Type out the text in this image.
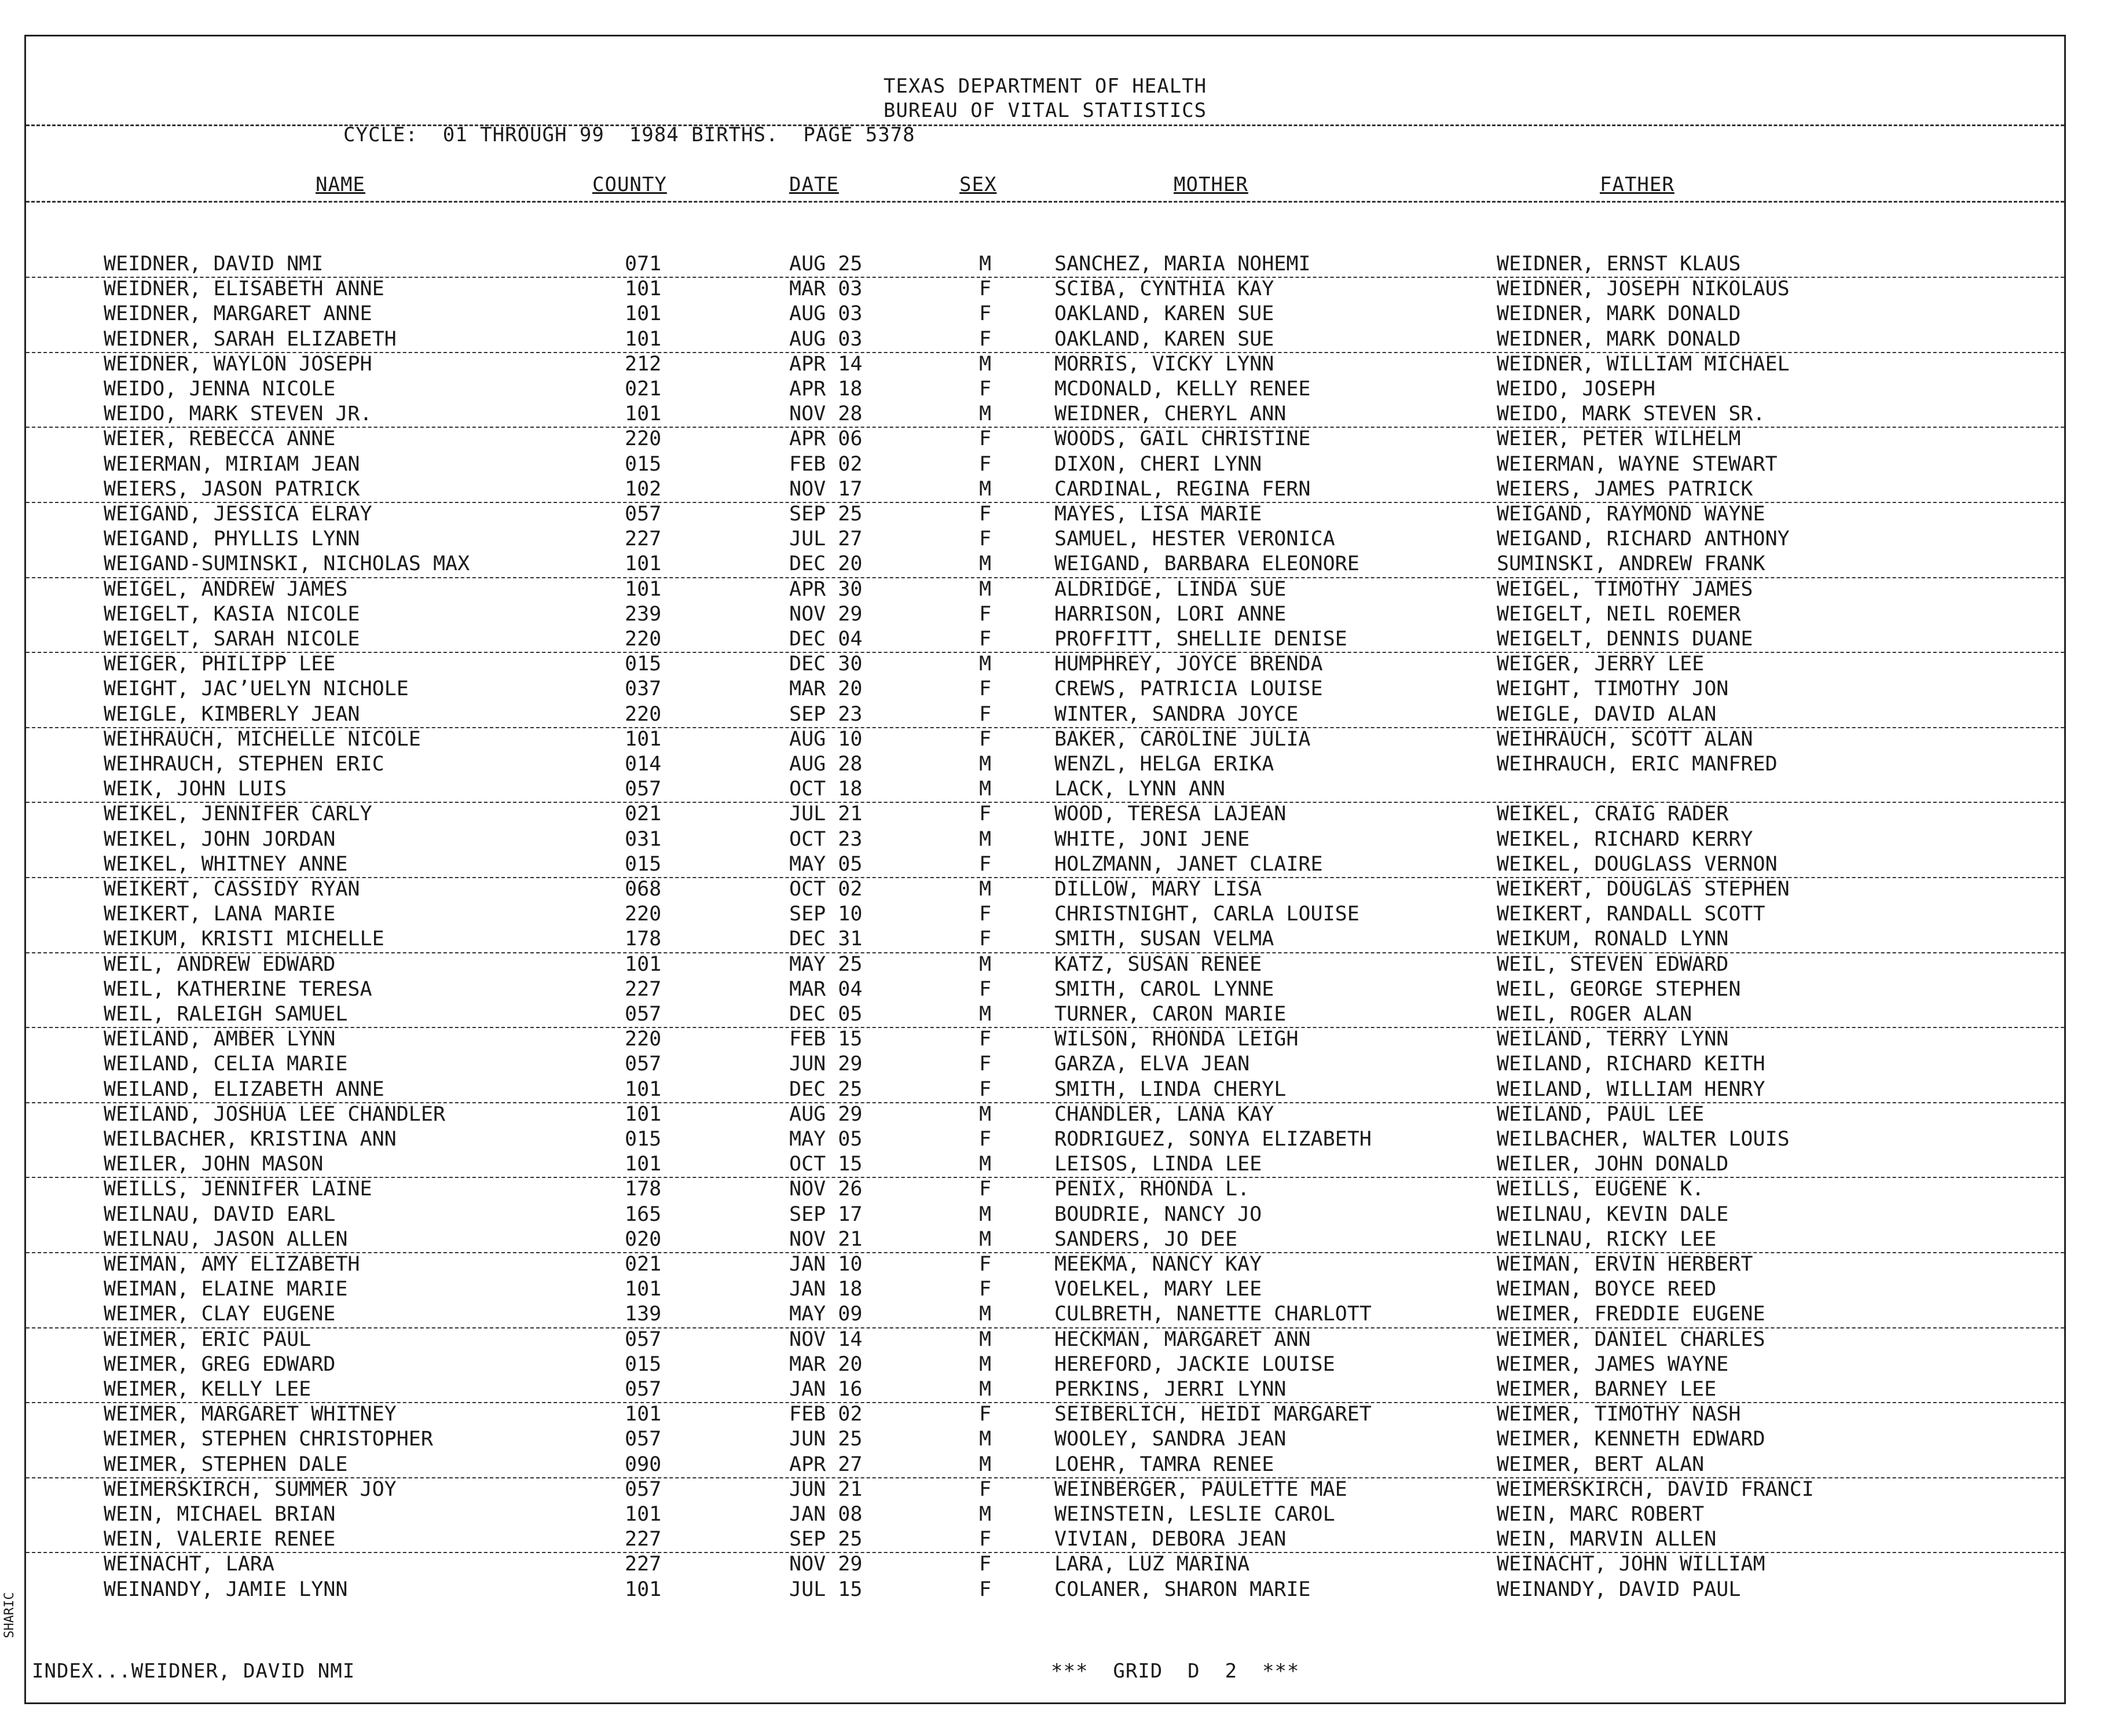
TEXAS DEPARTMENT OF HEALTH
BUREAU OF VITAL STATISTICS
CYCLE:  01 THROUGH 99  1984 BIRTHS.  PAGE 5378
NAME	COUNTY	DATE	SEX	MOTHER	FATHER
WEIDNER, DAVID NMI	071	AUG 25	M	SANCHEZ, MARIA NOHEMI	WEIDNER, ERNST KLAUS
WEIDNER, ELISABETH ANNE	101	MAR 03	F	SCIBA, CYNTHIA KAY	WEIDNER, JOSEPH NIKOLAUS
WEIDNER, MARGARET ANNE	101	AUG 03	F	OAKLAND, KAREN SUE	WEIDNER, MARK DONALD
WEIDNER, SARAH ELIZABETH	101	AUG 03	F	OAKLAND, KAREN SUE	WEIDNER, MARK DONALD
WEIDNER, WAYLON JOSEPH	212	APR 14	M	MORRIS, VICKY LYNN	WEIDNER, WILLIAM MICHAEL
WEIDO, JENNA NICOLE	021	APR 18	F	MCDONALD, KELLY RENEE	WEIDO, JOSEPH
WEIDO, MARK STEVEN JR.	101	NOV 28	M	WEIDNER, CHERYL ANN	WEIDO, MARK STEVEN SR.
WEIER, REBECCA ANNE	220	APR 06	F	WOODS, GAIL CHRISTINE	WEIER, PETER WILHELM
WEIERMAN, MIRIAM JEAN	015	FEB 02	F	DIXON, CHERI LYNN	WEIERMAN, WAYNE STEWART
WEIERS, JASON PATRICK	102	NOV 17	M	CARDINAL, REGINA FERN	WEIERS, JAMES PATRICK
WEIGAND, JESSICA ELRAY	057	SEP 25	F	MAYES, LISA MARIE	WEIGAND, RAYMOND WAYNE
WEIGAND, PHYLLIS LYNN	227	JUL 27	F	SAMUEL, HESTER VERONICA	WEIGAND, RICHARD ANTHONY
WEIGAND-SUMINSKI, NICHOLAS MAX	101	DEC 20	M	WEIGAND, BARBARA ELEONORE	SUMINSKI, ANDREW FRANK
WEIGEL, ANDREW JAMES	101	APR 30	M	ALDRIDGE, LINDA SUE	WEIGEL, TIMOTHY JAMES
WEIGELT, KASIA NICOLE	239	NOV 29	F	HARRISON, LORI ANNE	WEIGELT, NEIL ROEMER
WEIGELT, SARAH NICOLE	220	DEC 04	F	PROFFITT, SHELLIE DENISE	WEIGELT, DENNIS DUANE
WEIGER, PHILIPP LEE	015	DEC 30	M	HUMPHREY, JOYCE BRENDA	WEIGER, JERRY LEE
WEIGHT, JAC’UELYN NICHOLE	037	MAR 20	F	CREWS, PATRICIA LOUISE	WEIGHT, TIMOTHY JON
WEIGLE, KIMBERLY JEAN	220	SEP 23	F	WINTER, SANDRA JOYCE	WEIGLE, DAVID ALAN
WEIHRAUCH, MICHELLE NICOLE	101	AUG 10	F	BAKER, CAROLINE JULIA	WEIHRAUCH, SCOTT ALAN
WEIHRAUCH, STEPHEN ERIC	014	AUG 28	M	WENZL, HELGA ERIKA	WEIHRAUCH, ERIC MANFRED
WEIK, JOHN LUIS	057	OCT 18	M	LACK, LYNN ANN
WEIKEL, JENNIFER CARLY	021	JUL 21	F	WOOD, TERESA LAJEAN	WEIKEL, CRAIG RADER
WEIKEL, JOHN JORDAN	031	OCT 23	M	WHITE, JONI JENE	WEIKEL, RICHARD KERRY
WEIKEL, WHITNEY ANNE	015	MAY 05	F	HOLZMANN, JANET CLAIRE	WEIKEL, DOUGLASS VERNON
WEIKERT, CASSIDY RYAN	068	OCT 02	M	DILLOW, MARY LISA	WEIKERT, DOUGLAS STEPHEN
WEIKERT, LANA MARIE	220	SEP 10	F	CHRISTNIGHT, CARLA LOUISE	WEIKERT, RANDALL SCOTT
WEIKUM, KRISTI MICHELLE	178	DEC 31	F	SMITH, SUSAN VELMA	WEIKUM, RONALD LYNN
WEIL, ANDREW EDWARD	101	MAY 25	M	KATZ, SUSAN RENEE	WEIL, STEVEN EDWARD
WEIL, KATHERINE TERESA	227	MAR 04	F	SMITH, CAROL LYNNE	WEIL, GEORGE STEPHEN
WEIL, RALEIGH SAMUEL	057	DEC 05	M	TURNER, CARON MARIE	WEIL, ROGER ALAN
WEILAND, AMBER LYNN	220	FEB 15	F	WILSON, RHONDA LEIGH	WEILAND, TERRY LYNN
WEILAND, CELIA MARIE	057	JUN 29	F	GARZA, ELVA JEAN	WEILAND, RICHARD KEITH
WEILAND, ELIZABETH ANNE	101	DEC 25	F	SMITH, LINDA CHERYL	WEILAND, WILLIAM HENRY
WEILAND, JOSHUA LEE CHANDLER	101	AUG 29	M	CHANDLER, LANA KAY	WEILAND, PAUL LEE
WEILBACHER, KRISTINA ANN	015	MAY 05	F	RODRIGUEZ, SONYA ELIZABETH	WEILBACHER, WALTER LOUIS
WEILER, JOHN MASON	101	OCT 15	M	LEISOS, LINDA LEE	WEILER, JOHN DONALD
WEILLS, JENNIFER LAINE	178	NOV 26	F	PENIX, RHONDA L.	WEILLS, EUGENE K.
WEILNAU, DAVID EARL	165	SEP 17	M	BOUDRIE, NANCY JO	WEILNAU, KEVIN DALE
WEILNAU, JASON ALLEN	020	NOV 21	M	SANDERS, JO DEE	WEILNAU, RICKY LEE
WEIMAN, AMY ELIZABETH	021	JAN 10	F	MEEKMA, NANCY KAY	WEIMAN, ERVIN HERBERT
WEIMAN, ELAINE MARIE	101	JAN 18	F	VOELKEL, MARY LEE	WEIMAN, BOYCE REED
WEIMER, CLAY EUGENE	139	MAY 09	M	CULBRETH, NANETTE CHARLOTT	WEIMER, FREDDIE EUGENE
WEIMER, ERIC PAUL	057	NOV 14	M	HECKMAN, MARGARET ANN	WEIMER, DANIEL CHARLES
WEIMER, GREG EDWARD	015	MAR 20	M	HEREFORD, JACKIE LOUISE	WEIMER, JAMES WAYNE
WEIMER, KELLY LEE	057	JAN 16	M	PERKINS, JERRI LYNN	WEIMER, BARNEY LEE
WEIMER, MARGARET WHITNEY	101	FEB 02	F	SEIBERLICH, HEIDI MARGARET	WEIMER, TIMOTHY NASH
WEIMER, STEPHEN CHRISTOPHER	057	JUN 25	M	WOOLEY, SANDRA JEAN	WEIMER, KENNETH EDWARD
WEIMER, STEPHEN DALE	090	APR 27	M	LOEHR, TAMRA RENEE	WEIMER, BERT ALAN
WEIMERSKIRCH, SUMMER JOY	057	JUN 21	F	WEINBERGER, PAULETTE MAE	WEIMERSKIRCH, DAVID FRANCI
WEIN, MICHAEL BRIAN	101	JAN 08	M	WEINSTEIN, LESLIE CAROL	WEIN, MARC ROBERT
WEIN, VALERIE RENEE	227	SEP 25	F	VIVIAN, DEBORA JEAN	WEIN, MARVIN ALLEN
WEINACHT, LARA	227	NOV 29	F	LARA, LUZ MARINA	WEINACHT, JOHN WILLIAM
WEINANDY, JAMIE LYNN	101	JUL 15	F	COLANER, SHARON MARIE	WEINANDY, DAVID PAUL
INDEX...WEIDNER, DAVID NMI	***  GRID  D  2  ***
SHARIC
